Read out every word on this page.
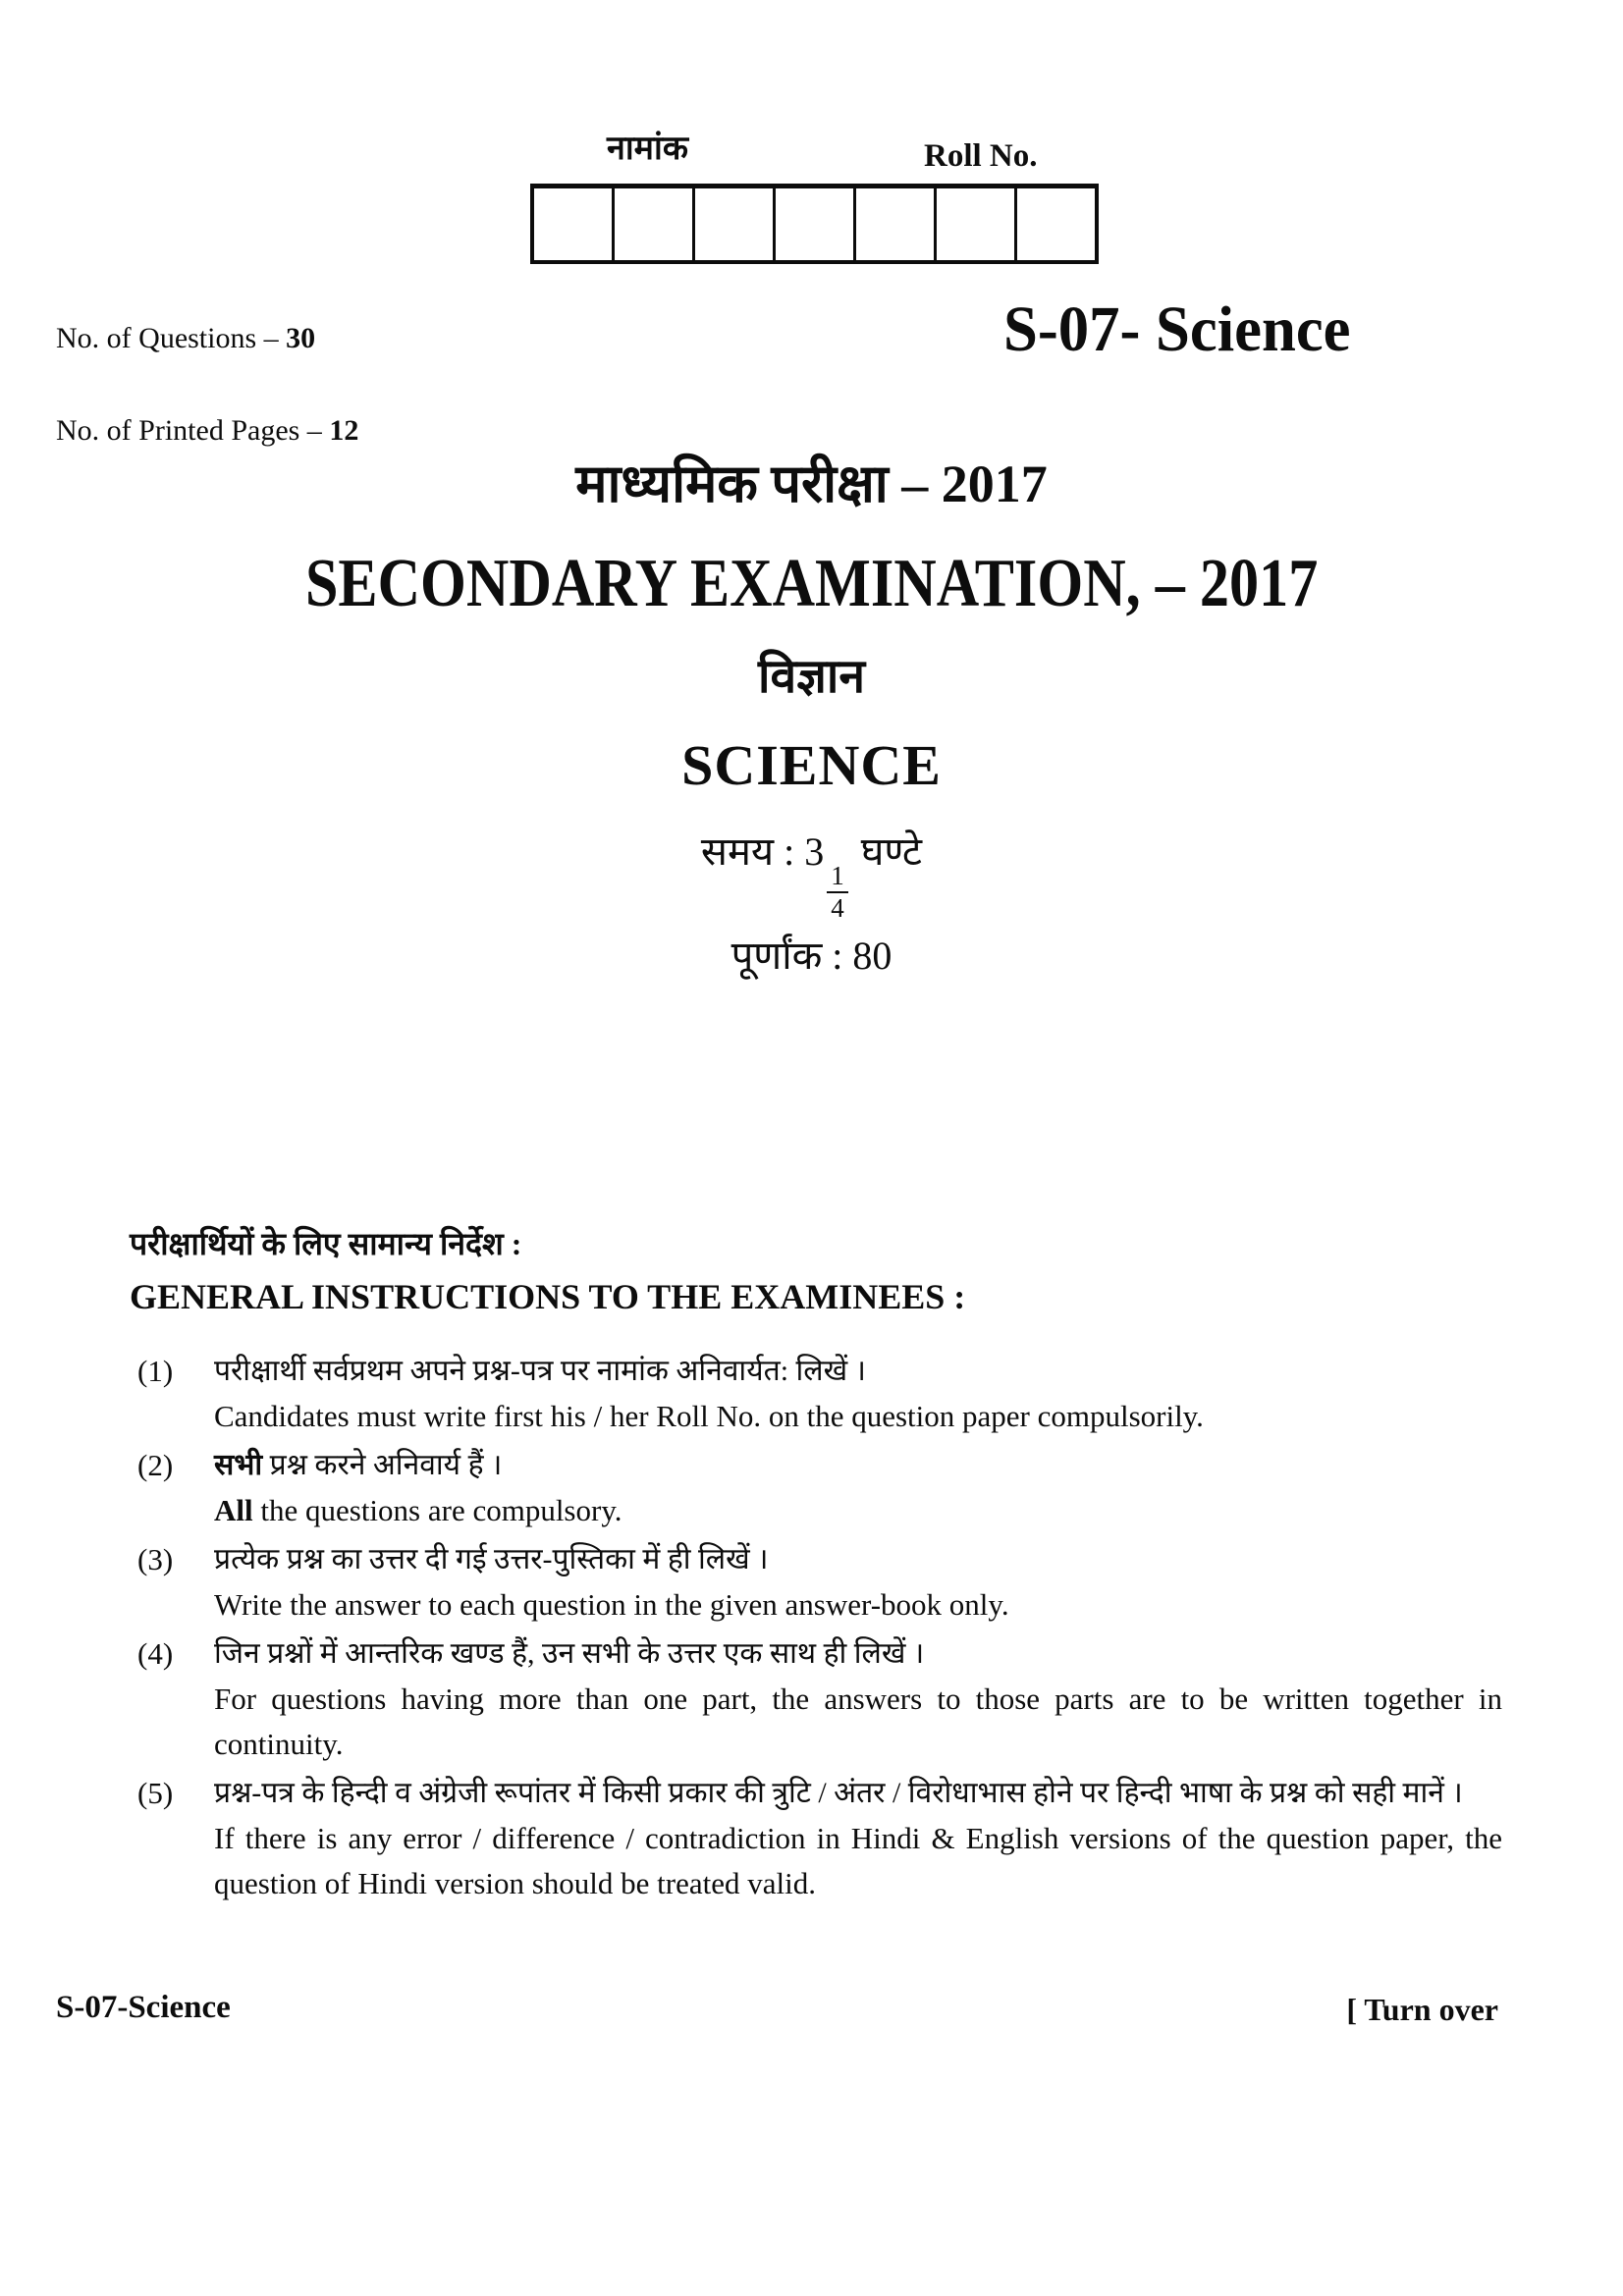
नामांक	Roll No.
No. of Questions – 30	S-07- Science
No. of Printed Pages – 12
माध्यमिक परीक्षा – 2017
SECONDARY EXAMINATION, – 2017
विज्ञान
SCIENCE
समय : 3
$\frac{1}{4}$
घण्टे
पूर्णांक : 80
परीक्षार्थियों के लिए सामान्य निर्देश :
GENERAL INSTRUCTIONS TO THE EXAMINEES :
(1)	परीक्षार्थी सर्वप्रथम अपने प्रश्न-पत्र पर नामांक अनिवार्यत: लिखें ।

Candidates must write first his / her Roll No. on the question paper compulsorily.

(2)	सभी प्रश्न करने अनिवार्य हैं ।

All the questions are compulsory.

(3)	प्रत्येक प्रश्न का उत्तर दी गई उत्तर-पुस्तिका में ही लिखें ।

Write the answer to each question in the given answer-book only.

(4)	जिन प्रश्नों में आन्तरिक खण्ड हैं, उन सभी के उत्तर एक साथ ही लिखें ।

For questions having more than one part, the answers to those parts are to be written together in continuity.

(5)	प्रश्न-पत्र के हिन्दी व अंग्रेजी रूपांतर में किसी प्रकार की त्रुटि / अंतर / विरोधाभास होने पर हिन्दी भाषा के प्रश्न को सही मानें ।

If there is any error / difference / contradiction in Hindi & English versions of the question paper, the question of Hindi version should be treated valid.

S-07-Science	[ Turn over
